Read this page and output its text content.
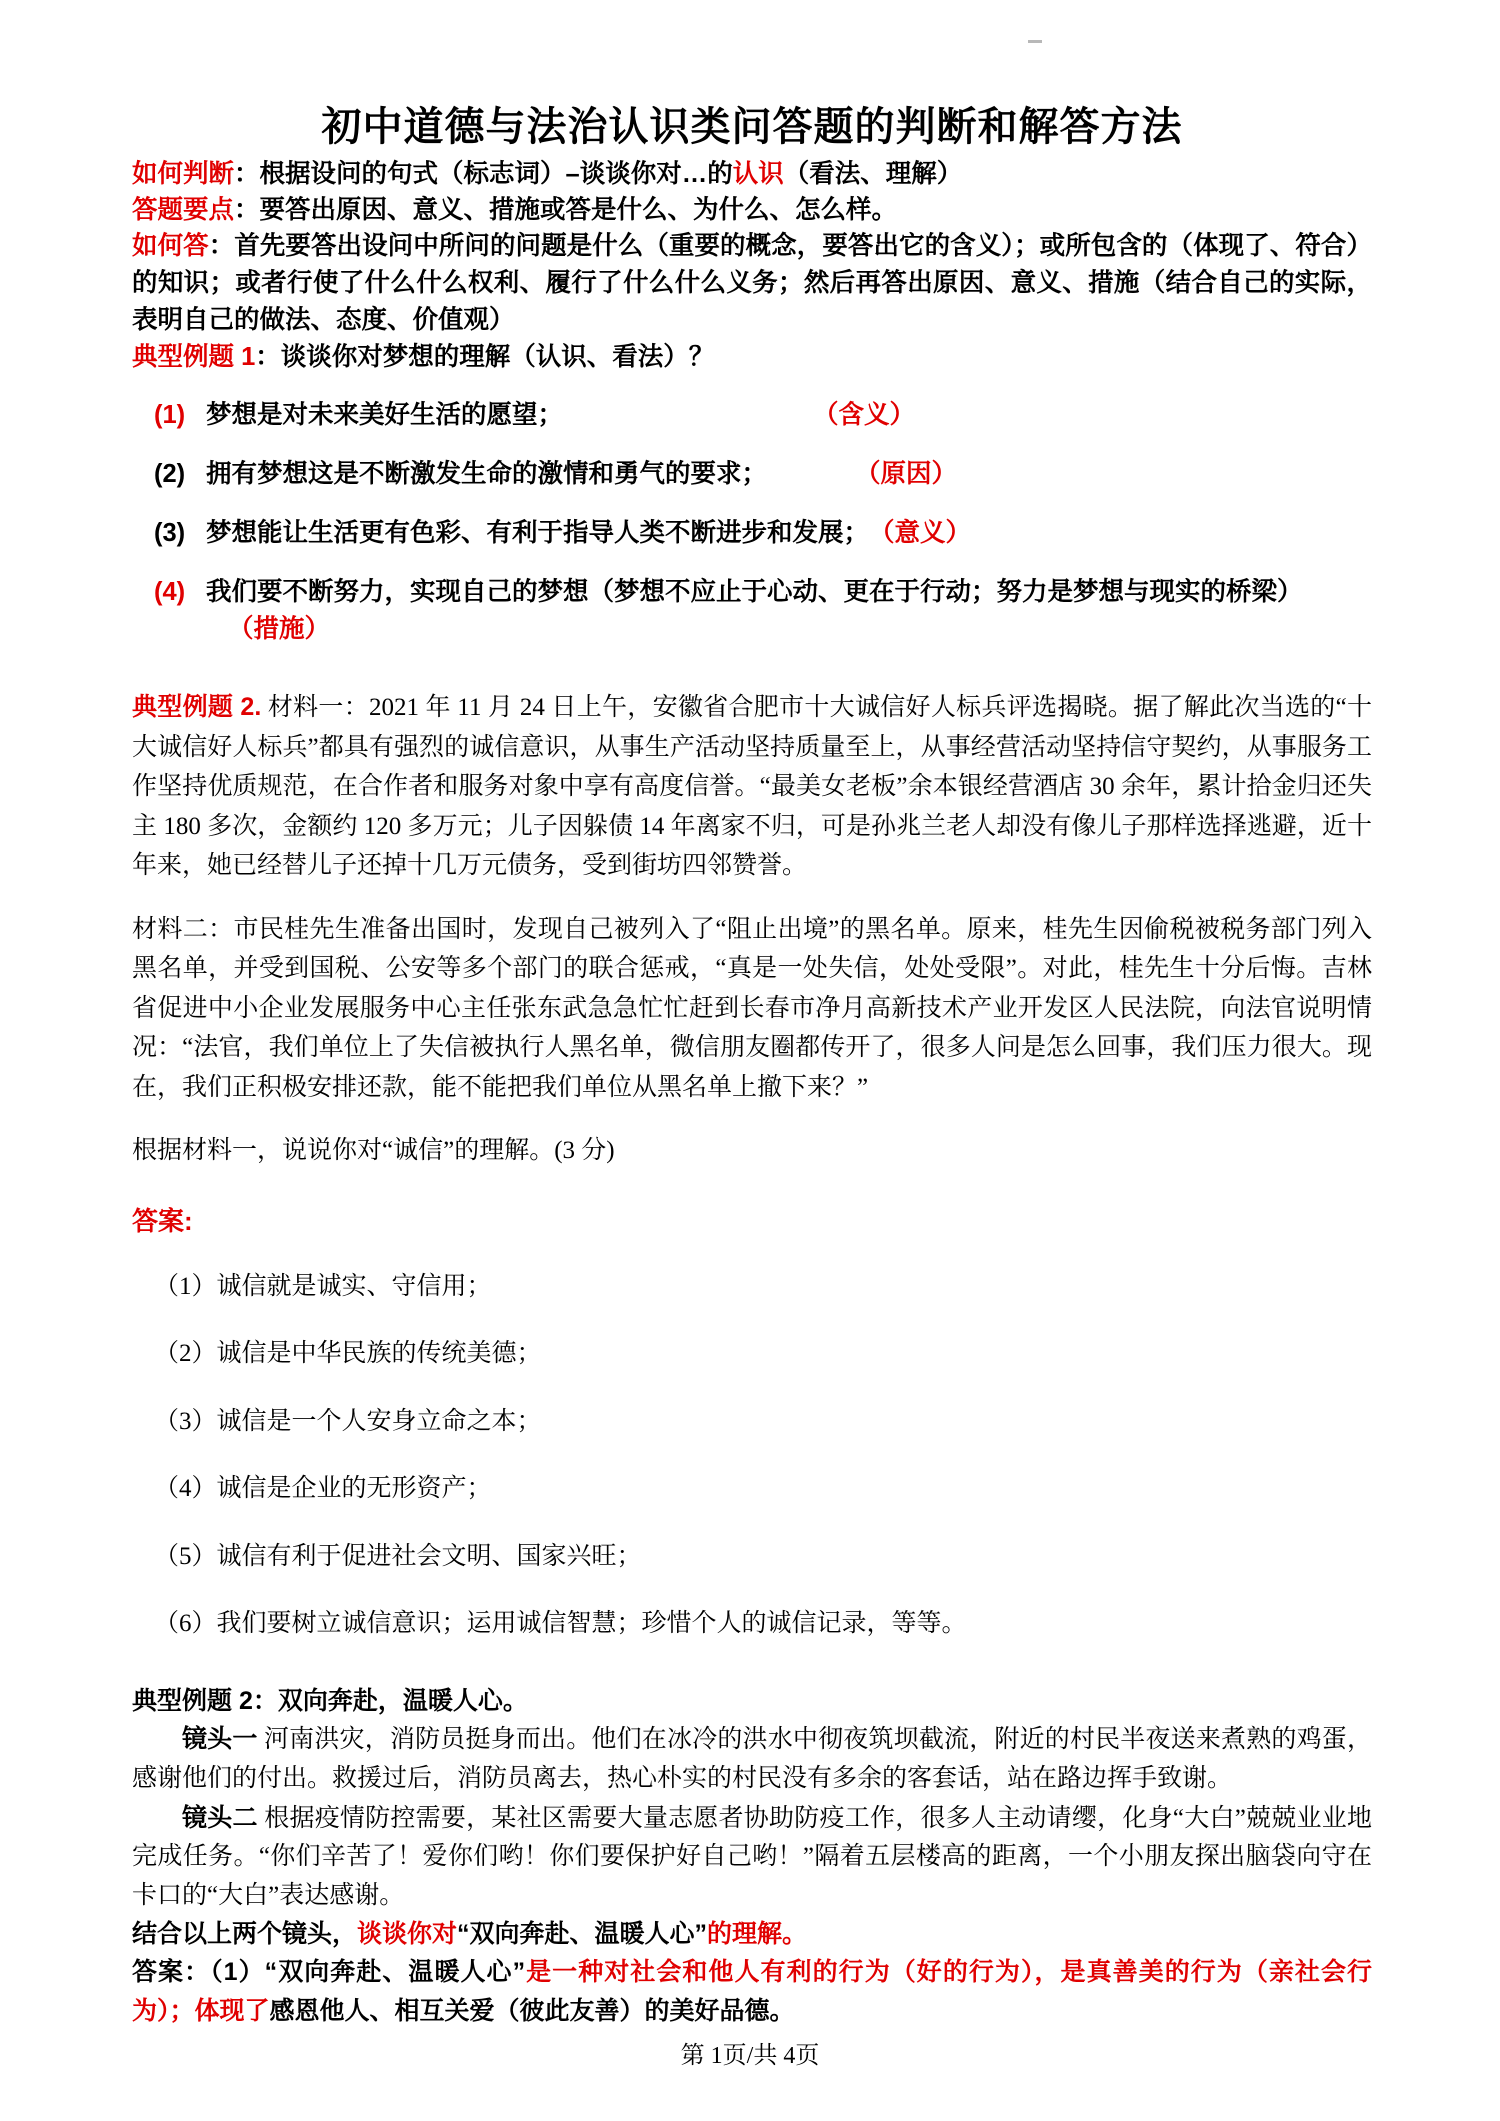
初中道德与法治认识类问答题的判断和解答方法
如何判断：根据设问的句式（标志词）–谈谈你对…的认识（看法、理解）
答题要点：要答出原因、意义、措施或答是什么、为什么、怎么样。
如何答：首先要答出设问中所问的问题是什么（重要的概念，要答出它的含义）；或所包含的（体现了、符合）的知识；或者行使了什么什么权利、履行了什么什么义务；然后再答出原因、意义、措施（结合自己的实际，表明自己的做法、态度、价值观）
典型例题 1：谈谈你对梦想的理解（认识、看法）？
(1) 梦想是对未来美好生活的愿望；	（含义）
(2) 拥有梦想这是不断激发生命的激情和勇气的要求；	（原因）
(3) 梦想能让生活更有色彩、有利于指导人类不断进步和发展；（意义）
(4) 我们要不断努力，实现自己的梦想（梦想不应止于心动、更在于行动；努力是梦想与现实的桥梁）
（措施）

典型例题 2. 材料一：2021 年 11 月 24 日上午，安徽省合肥市十大诚信好人标兵评选揭晓。据了解此次当选的“十大诚信好人标兵”都具有强烈的诚信意识，从事生产活动坚持质量至上，从事经营活动坚持信守契约，从事服务工作坚持优质规范，在合作者和服务对象中享有高度信誉。“最美女老板”余本银经营酒店 30 余年，累计拾金归还失主 180 多次，金额约 120 多万元；儿子因躲债 14 年离家不归，可是孙兆兰老人却没有像儿子那样选择逃避，近十年来，她已经替儿子还掉十几万元债务，受到街坊四邻赞誉。

材料二：市民桂先生准备出国时，发现自己被列入了“阻止出境”的黑名单。原来，桂先生因偷税被税务部门列入黑名单，并受到国税、公安等多个部门的联合惩戒，“真是一处失信，处处受限”。对此，桂先生十分后悔。吉林省促进中小企业发展服务中心主任张东武急急忙忙赶到长春市净月高新技术产业开发区人民法院，向法官说明情况：“法官，我们单位上了失信被执行人黑名单，微信朋友圈都传开了，很多人问是怎么回事，我们压力很大。现在，我们正积极安排还款，能不能把我们单位从黑名单上撤下来？”

根据材料一，说说你对“诚信”的理解。(3 分)

答案:

（1）诚信就是诚实、守信用；
（2）诚信是中华民族的传统美德；
（3）诚信是一个人安身立命之本；
（4）诚信是企业的无形资产；
（5）诚信有利于促进社会文明、国家兴旺；
（6）我们要树立诚信意识；运用诚信智慧；珍惜个人的诚信记录，等等。

典型例题 2：双向奔赴，温暖人心。

镜头一 河南洪灾，消防员挺身而出。他们在冰冷的洪水中彻夜筑坝截流，附近的村民半夜送来煮熟的鸡蛋，感谢他们的付出。救援过后，消防员离去，热心朴实的村民没有多余的客套话，站在路边挥手致谢。

镜头二 根据疫情防控需要，某社区需要大量志愿者协助防疫工作，很多人主动请缨，化身“大白”兢兢业业地完成任务。“你们辛苦了！爱你们哟！你们要保护好自己哟！”隔着五层楼高的距离，一个小朋友探出脑袋向守在卡口的“大白”表达感谢。

结合以上两个镜头，谈谈你对“双向奔赴、温暖人心”的理解。

答案：（1）“双向奔赴、温暖人心”是一种对社会和他人有利的行为（好的行为），是真善美的行为（亲社会行为）；体现了感恩他人、相互关爱（彼此友善）的美好品德。

第 1页/共 4页
